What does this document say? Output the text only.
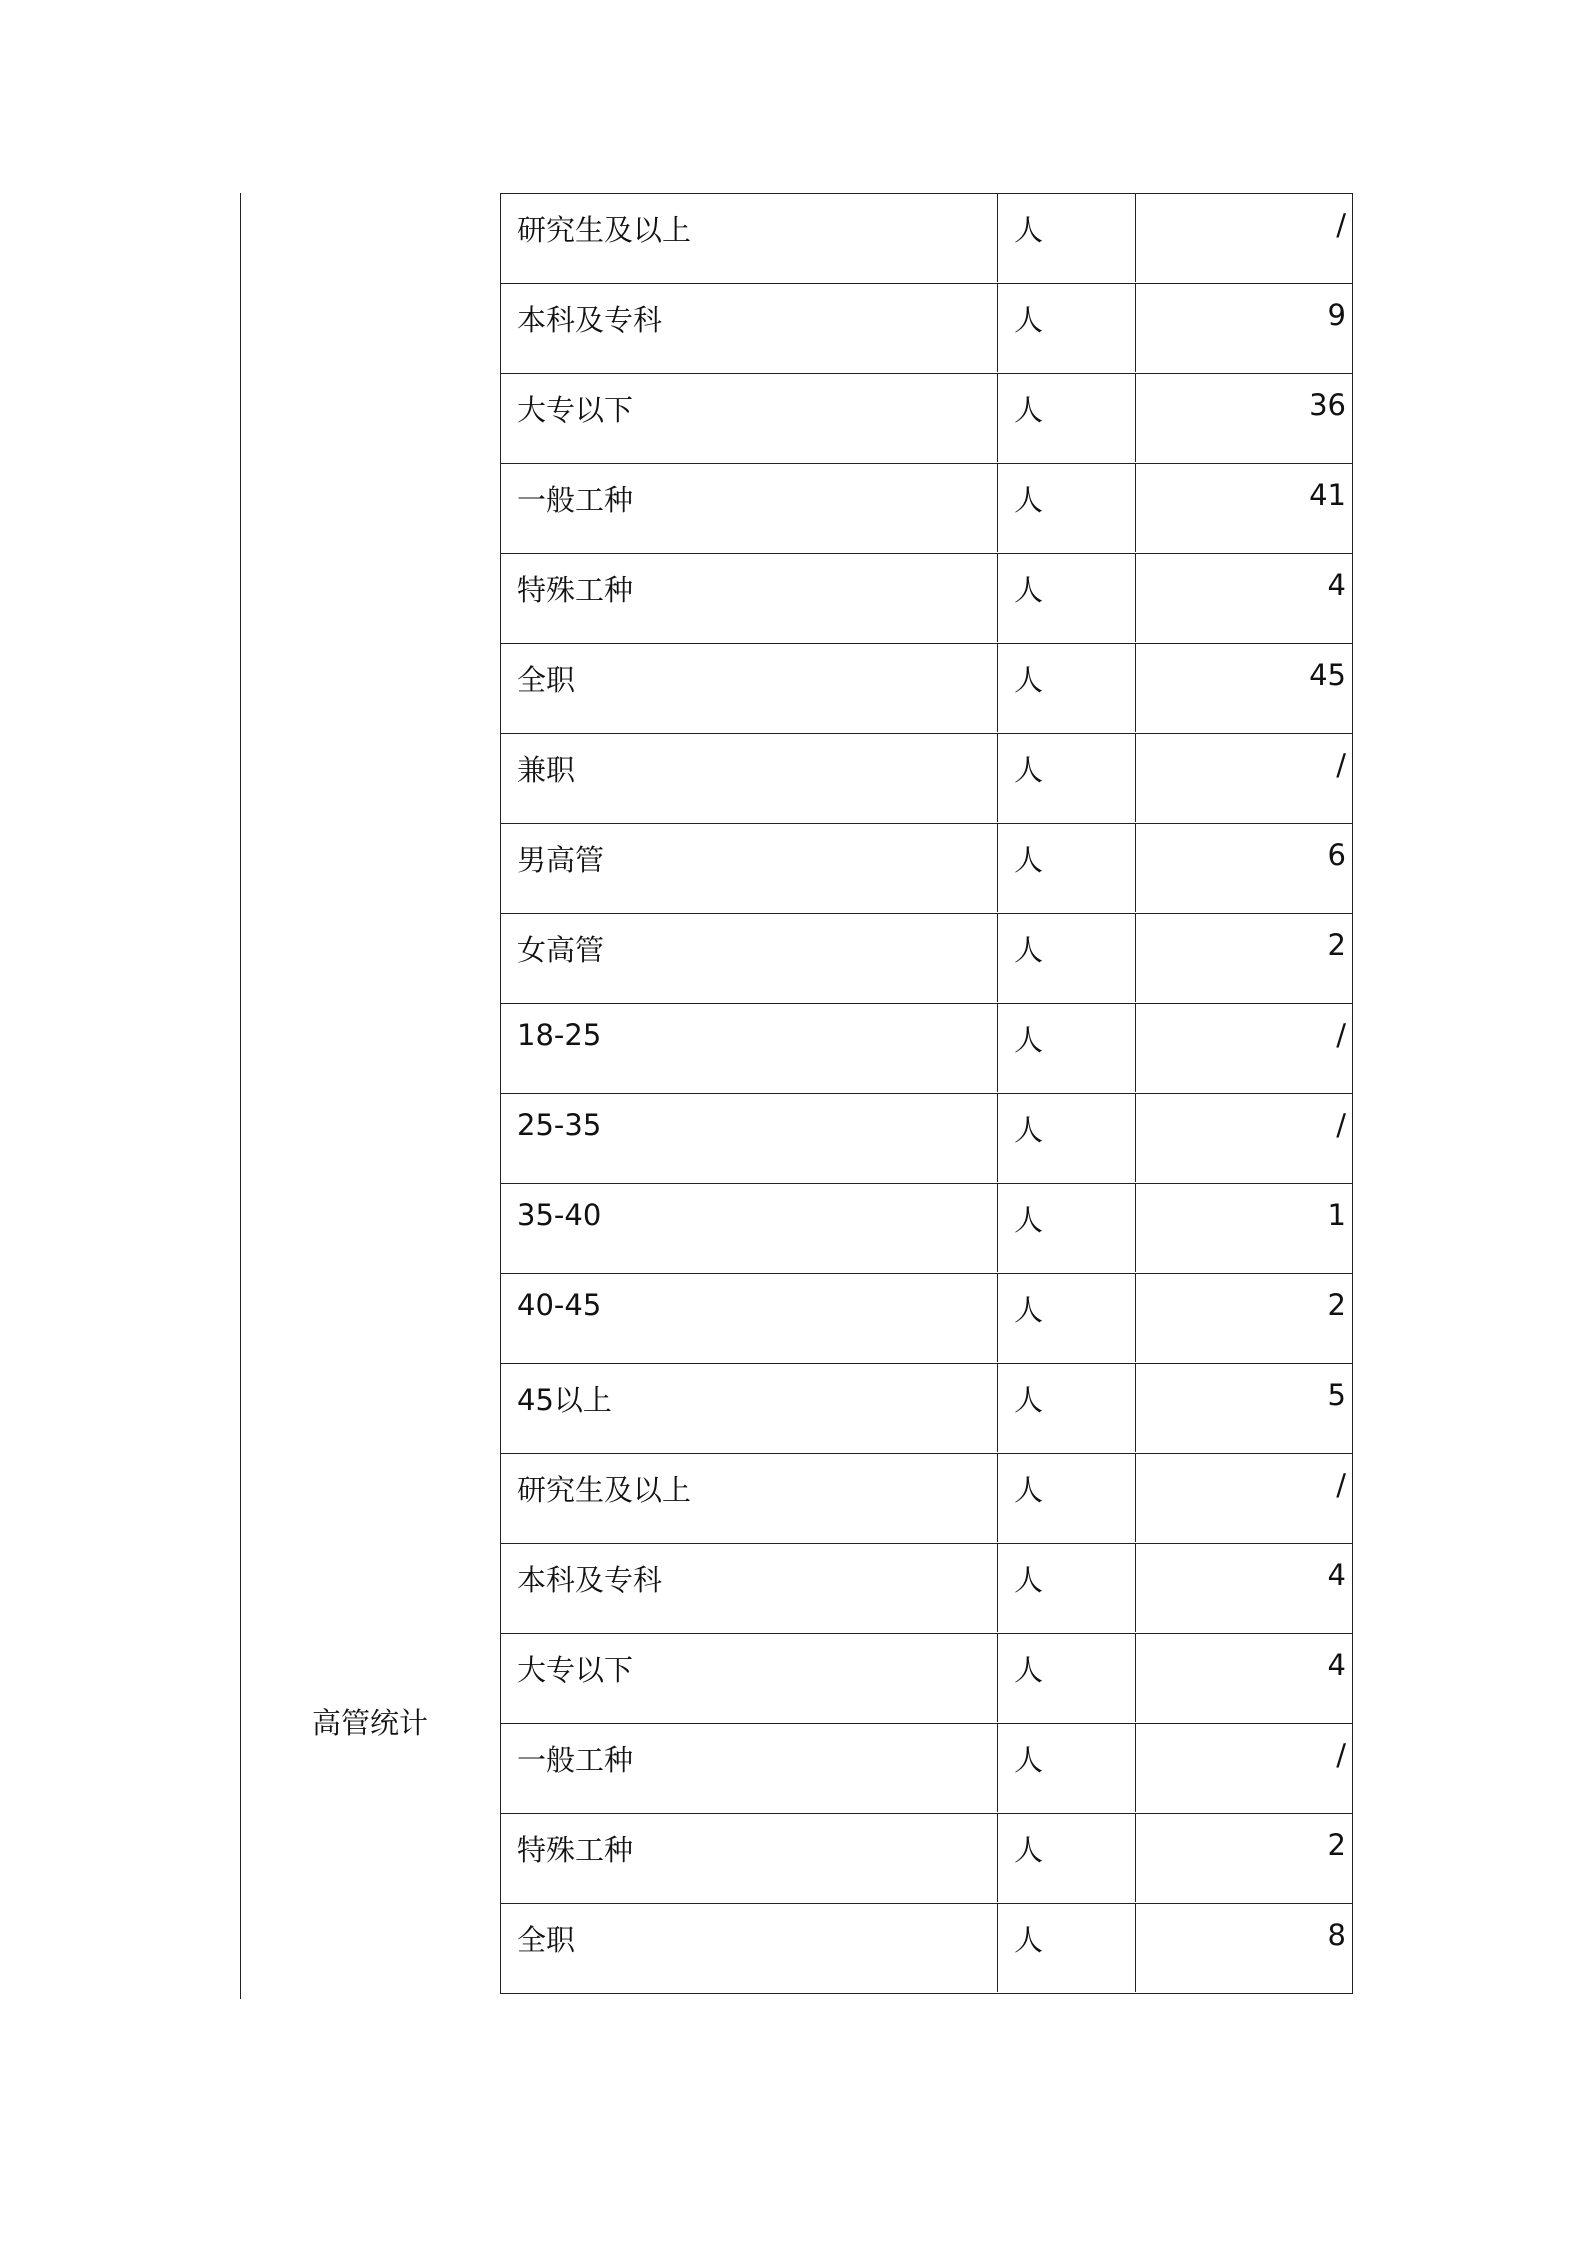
高管统计
研究生及以上	人	/
本科及专科	人	9
大专以下	人	36
一般工种	人	41
特殊工种	人	4
全职	人	45
兼职	人	/
男高管	人	6
女高管	人	2
18-25	人	/
25-35	人	/
35-40	人	1
40-45	人	2
45以上	人	5
研究生及以上	人	/
本科及专科	人	4
大专以下	人	4
一般工种	人	/
特殊工种	人	2
全职	人	8
